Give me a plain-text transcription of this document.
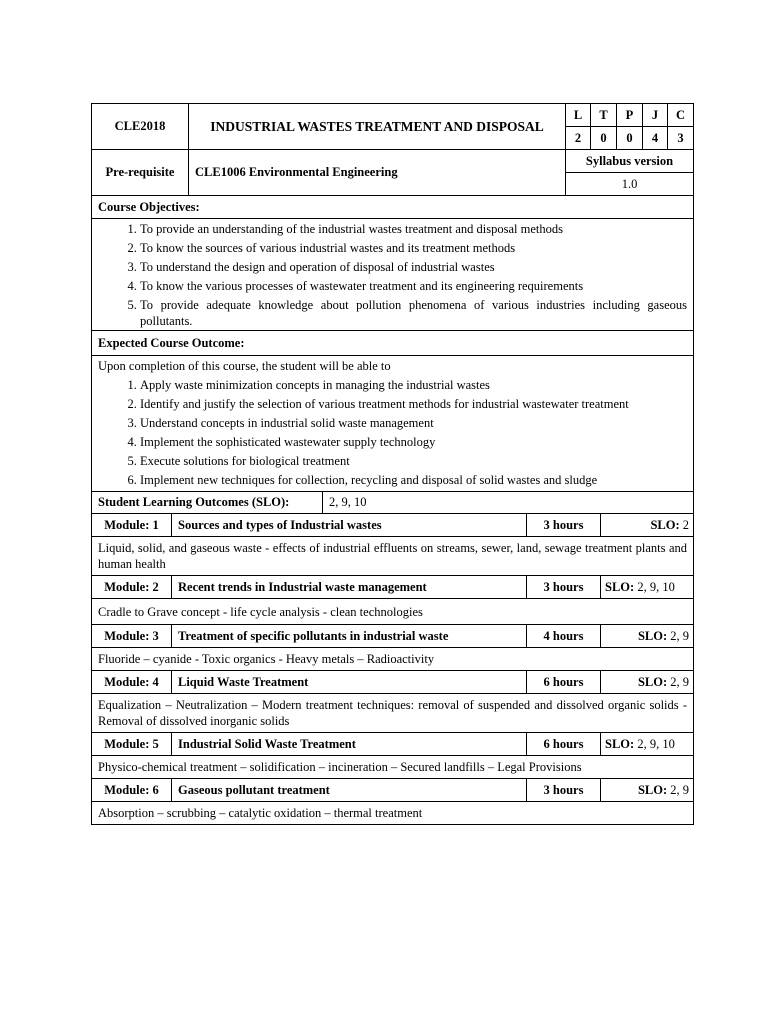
CLE2018	INDUSTRIAL WASTES TREATMENT AND DISPOSAL	L	T	P	J	C
		2	0	0	4	3
Pre-requisite	CLE1006 Environmental Engineering	Syllabus version				
		1.0				
Course Objectives:

1. To provide an understanding of the industrial wastes treatment and disposal methods
2. To know the sources of various industrial wastes and its treatment methods
3. To understand the design and operation of disposal of industrial wastes
4. To know the various processes of wastewater treatment and its engineering requirements
5. To provide adequate knowledge about pollution phenomena of various industries including gaseous pollutants.

Expected Course Outcome:

Upon completion of this course, the student will be able to
1. Apply waste minimization concepts in managing the industrial wastes
2. Identify and justify the selection of various treatment methods for industrial wastewater treatment
3. Understand concepts in industrial solid waste management
4. Implement the sophisticated wastewater supply technology
5. Execute solutions for biological treatment
6. Implement new techniques for collection, recycling and disposal of solid wastes and sludge

Student Learning Outcomes (SLO):	2, 9, 10
Module: 1	Sources and types of Industrial wastes	3 hours	SLO: 2
Liquid, solid, and gaseous waste - effects of industrial effluents on streams, sewer, land, sewage treatment plants and human health			
Module: 2	Recent trends in Industrial waste management	3 hours	SLO: 2, 9, 10
Cradle to Grave concept - life cycle analysis - clean technologies			
Module: 3	Treatment of specific pollutants in industrial waste	4 hours	SLO: 2, 9
Fluoride – cyanide - Toxic organics - Heavy metals – Radioactivity			
Module: 4	Liquid Waste Treatment	6 hours	SLO: 2, 9
Equalization – Neutralization – Modern treatment techniques: removal of suspended and dissolved organic solids - Removal of dissolved inorganic solids			
Module: 5	Industrial Solid Waste Treatment	6 hours	SLO: 2, 9, 10
Physico-chemical treatment – solidification – incineration – Secured landfills – Legal Provisions			
Module: 6	Gaseous pollutant treatment	3 hours	SLO: 2, 9
Absorption – scrubbing – catalytic oxidation – thermal treatment			
